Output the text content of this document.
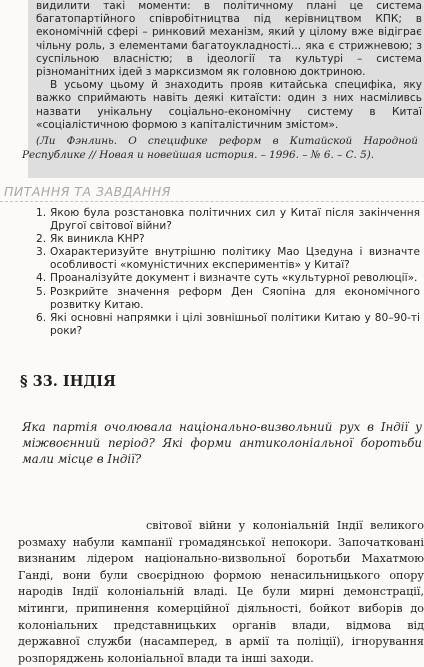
видилити такі моменти: в політичному плані це система багатопартійного співробітництва під керівництвом КПК; в економічній сфері – ринковий механізм, який у цілому вже відіграє чільну роль, з елементами багатоукладності... яка є стрижневою; з суспільною власністю; в ідеології та культурі – система різноманітних ідей з марксизмом як головною доктриною.

В усьому цьому й знаходить прояв китайська специфіка, яку важко сприймають навіть деякі китаїсти: один з них насміливсь назвати унікальну соціально-економічну систему в Китаї «соціалістичною формою з капіталістичним змістом».

(Ли Фэнлинь. О специфике реформ в Китайской Народной Республике // Новая и новейшая история. – 1996. – № 6. – С. 5).
ПИТАННЯ ТА ЗАВДАННЯ
1. Якою була розстановка політичних сил у Китаї після закінчення Другої світової війни?
2. Як виникла КНР?
3. Охарактеризуйте внутрішню політику Мао Цзедуна і визначте особливості «комуністичних експериментів» у Китаї?
4. Проаналізуйте документ і визначте суть «культурної революції».
5. Розкрийте значення реформ Ден Сяопіна для економічного розвитку Китаю.
6. Які основні напрямки і цілі зовнішньої політики Китаю у 80–90-ті роки?
§ 33. ІНДІЯ

Яка партія очолювала національно-визвольний рух в Індії у міжвоєнний період? Які форми антиколоніальної боротьби мали місце в Індії?

світової війни у колоніальній Індії великого розмаху набули кампанії громадянської непокори. Започатковані визнаним лідером національно-визвольної боротьби Махатмою Ганді, вони були своєрідною формою ненасильницького опору народів Індії колоніальній владі. Це були мирні демонстрації, мітинги, припинення комерційної діяльності, бойкот виборів до колоніальних представницьких органів влади, відмова від державної служби (насамперед, в армії та поліції), ігнорування розпоряджень колоніальної влади та інші заходи.
